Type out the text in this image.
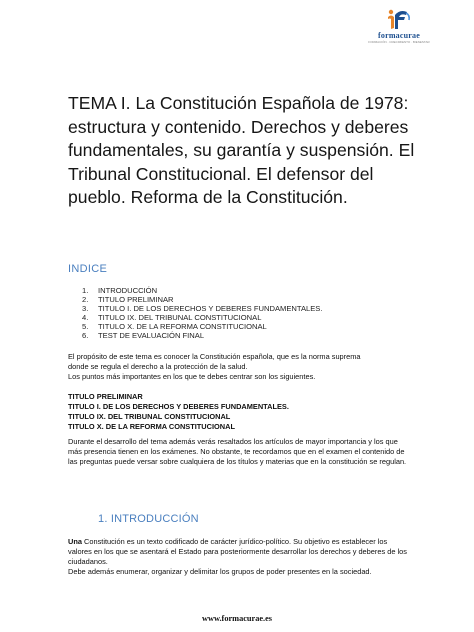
formacurae
FORMACIÓN · CRECIMIENTO · BIENESTAR
TEMA I. La Constitución Española de 1978: estructura y contenido. Derechos y deberes fundamentales, su garantía y suspensión. El Tribunal Constitucional. El defensor del pueblo. Reforma de la Constitución.
INDICE
1. INTRODUCCIÓN
2. TITULO PRELIMINAR
3. TITULO I. DE LOS DERECHOS Y DEBERES FUNDAMENTALES.
4. TITULO IX. DEL TRIBUNAL CONSTITUCIONAL
5. TITULO X. DE LA REFORMA CONSTITUCIONAL
6. TEST DE EVALUACIÓN FINAL
El propósito de este tema es conocer la Constitución española, que es la norma suprema
donde se regula el derecho a la protección de la salud.
Los puntos más importantes en los que te debes centrar son los siguientes.
TITULO PRELIMINAR
TITULO I. DE LOS DERECHOS Y DEBERES FUNDAMENTALES.
TITULO IX. DEL TRIBUNAL CONSTITUCIONAL
TITULO X. DE LA REFORMA CONSTITUCIONAL

Durante el desarrollo del tema además verás resaltados los artículos de mayor importancia y los que más presencia tienen en los exámenes. No obstante, te recordamos que en el examen el contenido de las preguntas puede versar sobre cualquiera de los títulos y materias que en la constitución se regulan.

1. INTRODUCCIÓN
Una Constitución es un texto codificado de carácter jurídico-político. Su objetivo es establecer los valores en los que se asentará el Estado para posteriormente desarrollar los derechos y deberes de los ciudadanos.
Debe además enumerar, organizar y delimitar los grupos de poder presentes en la sociedad.
www.formacurae.es
